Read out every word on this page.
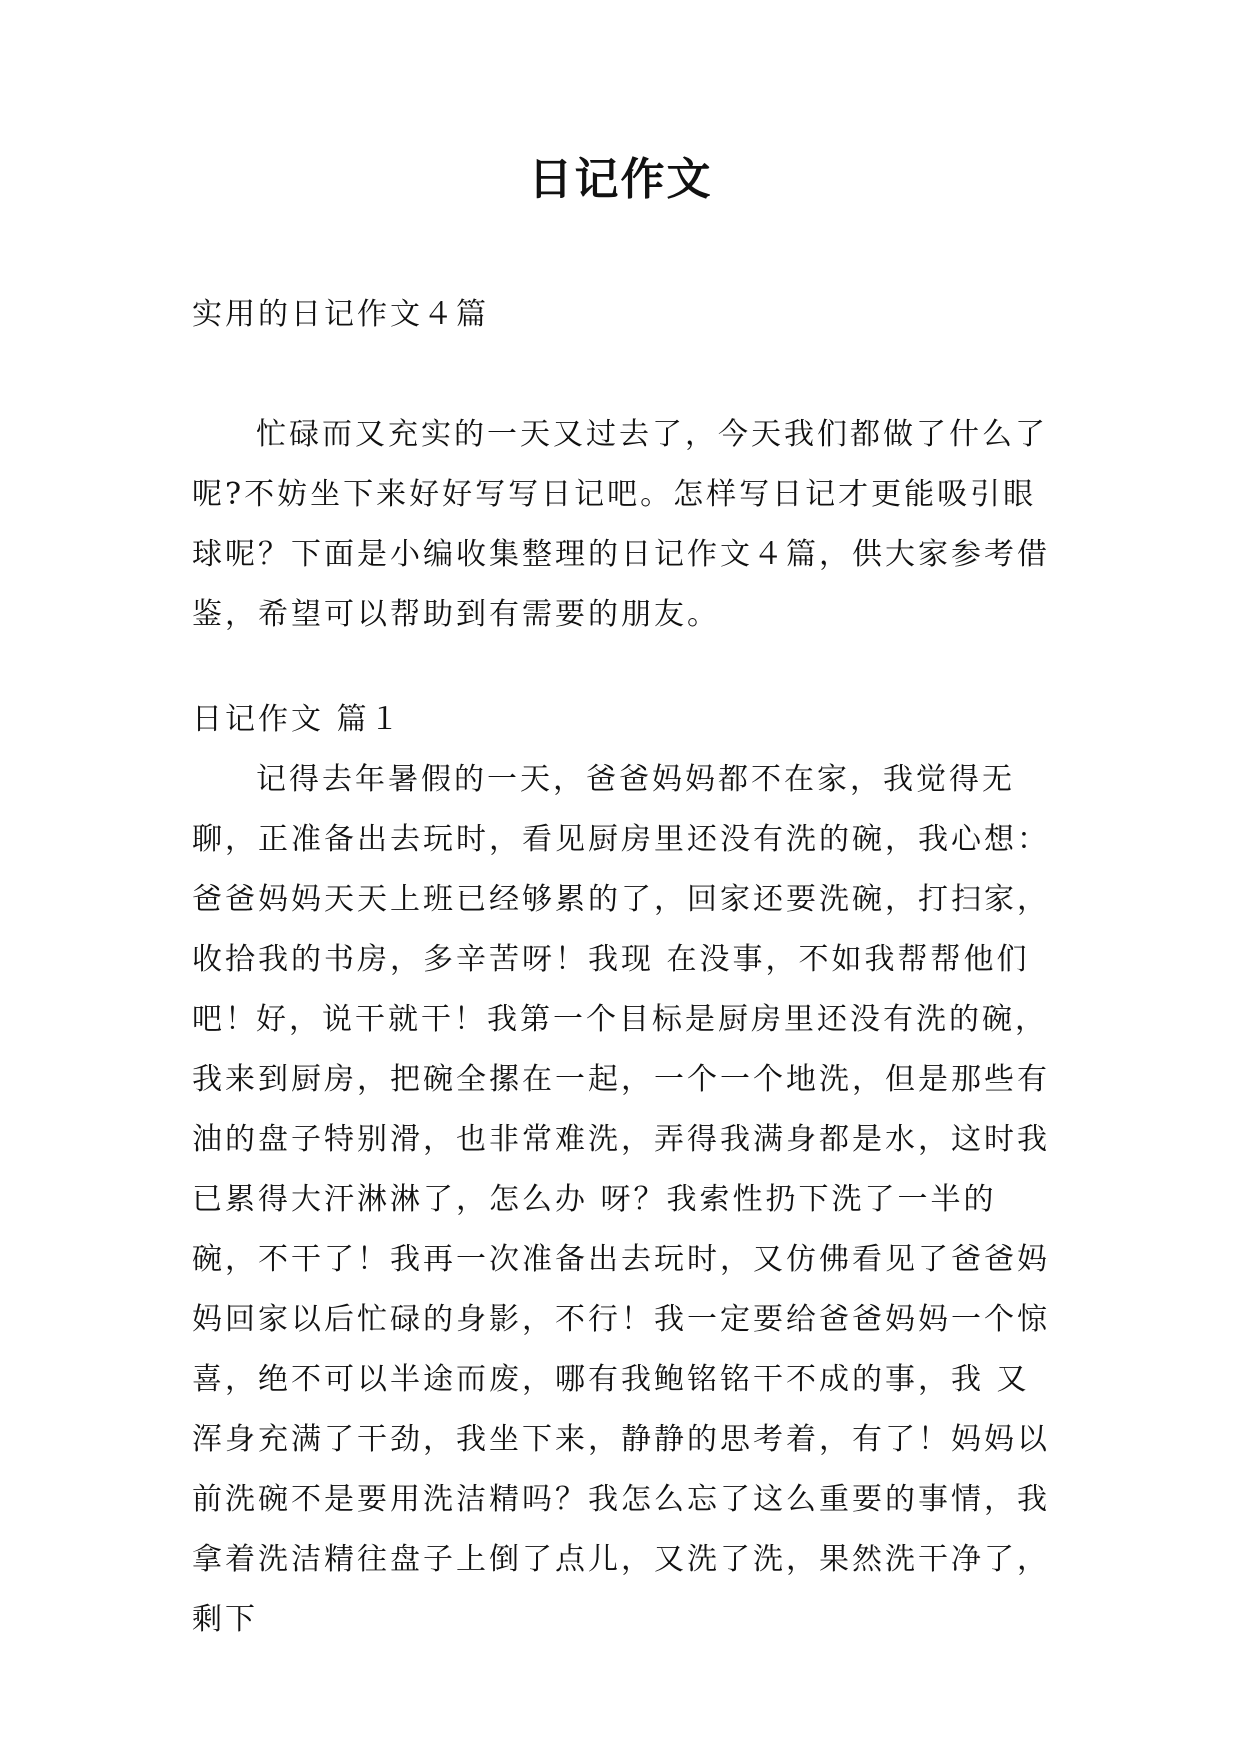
日记作文

实用的日记作文４篇

忙碌而又充实的一天又过去了，今天我们都做了什么了呢?不妨坐下来好好写写日记吧。怎样写日记才更能吸引眼球呢？下面是小编收集整理的日记作文４篇，供大家参考借鉴，希望可以帮助到有需要的朋友。

日记作文 篇１

记得去年暑假的一天，爸爸妈妈都不在家，我觉得无聊，正准备出去玩时，看见厨房里还没有洗的碗，我心想：爸爸妈妈天天上班已经够累的了，回家还要洗碗，打扫家，收拾我的书房，多辛苦呀！我现 在没事，不如我帮帮他们吧！

好，说干就干！我第一个目标是厨房里还没有洗的碗，我来到厨房，把碗全摞在一起，一个一个地洗，但是那些有油的盘子特别滑，也非常难洗，弄得我满身都是水，这时我已累得大汗淋淋了，怎么办 呀？我索性扔下洗了一半的碗，不干了！我再一次准备出去玩时，又仿佛看见了爸爸妈妈回家以后忙碌的身影，不行！我一定要给爸爸妈妈一个惊喜，绝不可以半途而废，哪有我鲍铭铭干不成的事，我 又浑身充满了干劲，我坐下来，静静的思考着，有了！妈妈以前洗碗不是要用洗洁精吗？我怎么忘了这么重要的事情，我拿着洗洁精往盘子上倒了点儿，又洗了洗，果然洗干净了，剩下
